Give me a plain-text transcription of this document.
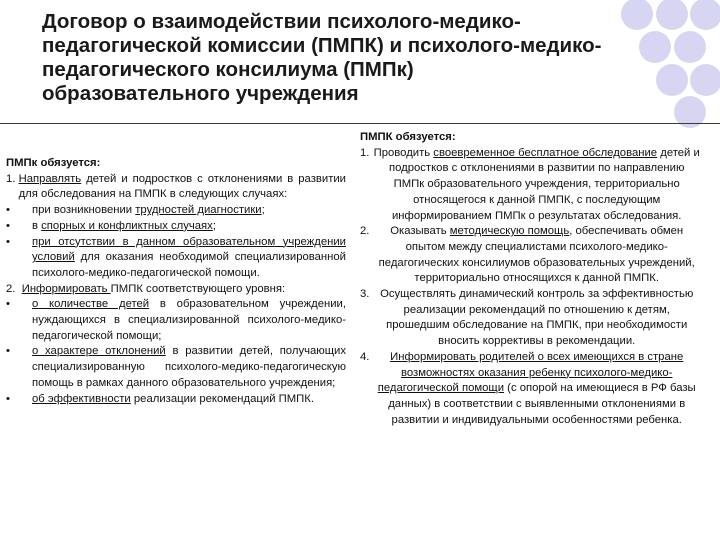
Договор о взаимодействии психолого-медико-педагогической комиссии (ПМПК) и психолого-медико-педагогического консилиума (ПМПк) образовательного учреждения

ПМПк обязуется:

1. Направлять детей и подростков с отклонениями в развитии для обследования на ПМПК в следующих случаях:
•	при возникновении трудностей диагностики;
•	в спорных и конфликтных случаях;
•	при отсутствии в данном образовательном учреждении условий для оказания необходимой специализированной психолого-медико-педагогической помощи.
2. Информировать ПМПК соответствующего уровня:
•	о количестве детей в образовательном учреждении, нуждающихся в специализированной психолого-медико-педагогической помощи;
•	о характере отклонений в развитии детей, получающих специализированную психолого-медико-педагогическую помощь в рамках данного образовательного учреждения;
•	об эффективности реализации рекомендаций ПМПК.

ПМПК обязуется:

1. Проводить своевременное бесплатное обследование детей и подростков с отклонениями в развитии по направлению ПМПк образовательного учреждения, территориально относящегося к данной ПМПК, с последующим информированием ПМПк о результатах обследования.
2.	Оказывать методическую помощь, обеспечивать обмен опытом между специалистами психолого-медико-педагогических консилиумов образовательных учреждений, территориально относящихся к данной ПМПК.
3. Осуществлять динамический контроль за эффективностью реализации рекомендаций по отношению к детям, прошедшим обследование на ПМПК, при необходимости вносить коррективы в рекомендации.
4.	Информировать родителей о всех имеющихся в стране возможностях оказания ребенку психолого-медико-педагогической помощи (с опорой на имеющиеся в РФ базы данных) в соответствии с выявленными отклонениями в развитии и индивидуальными особенностями ребенка.
